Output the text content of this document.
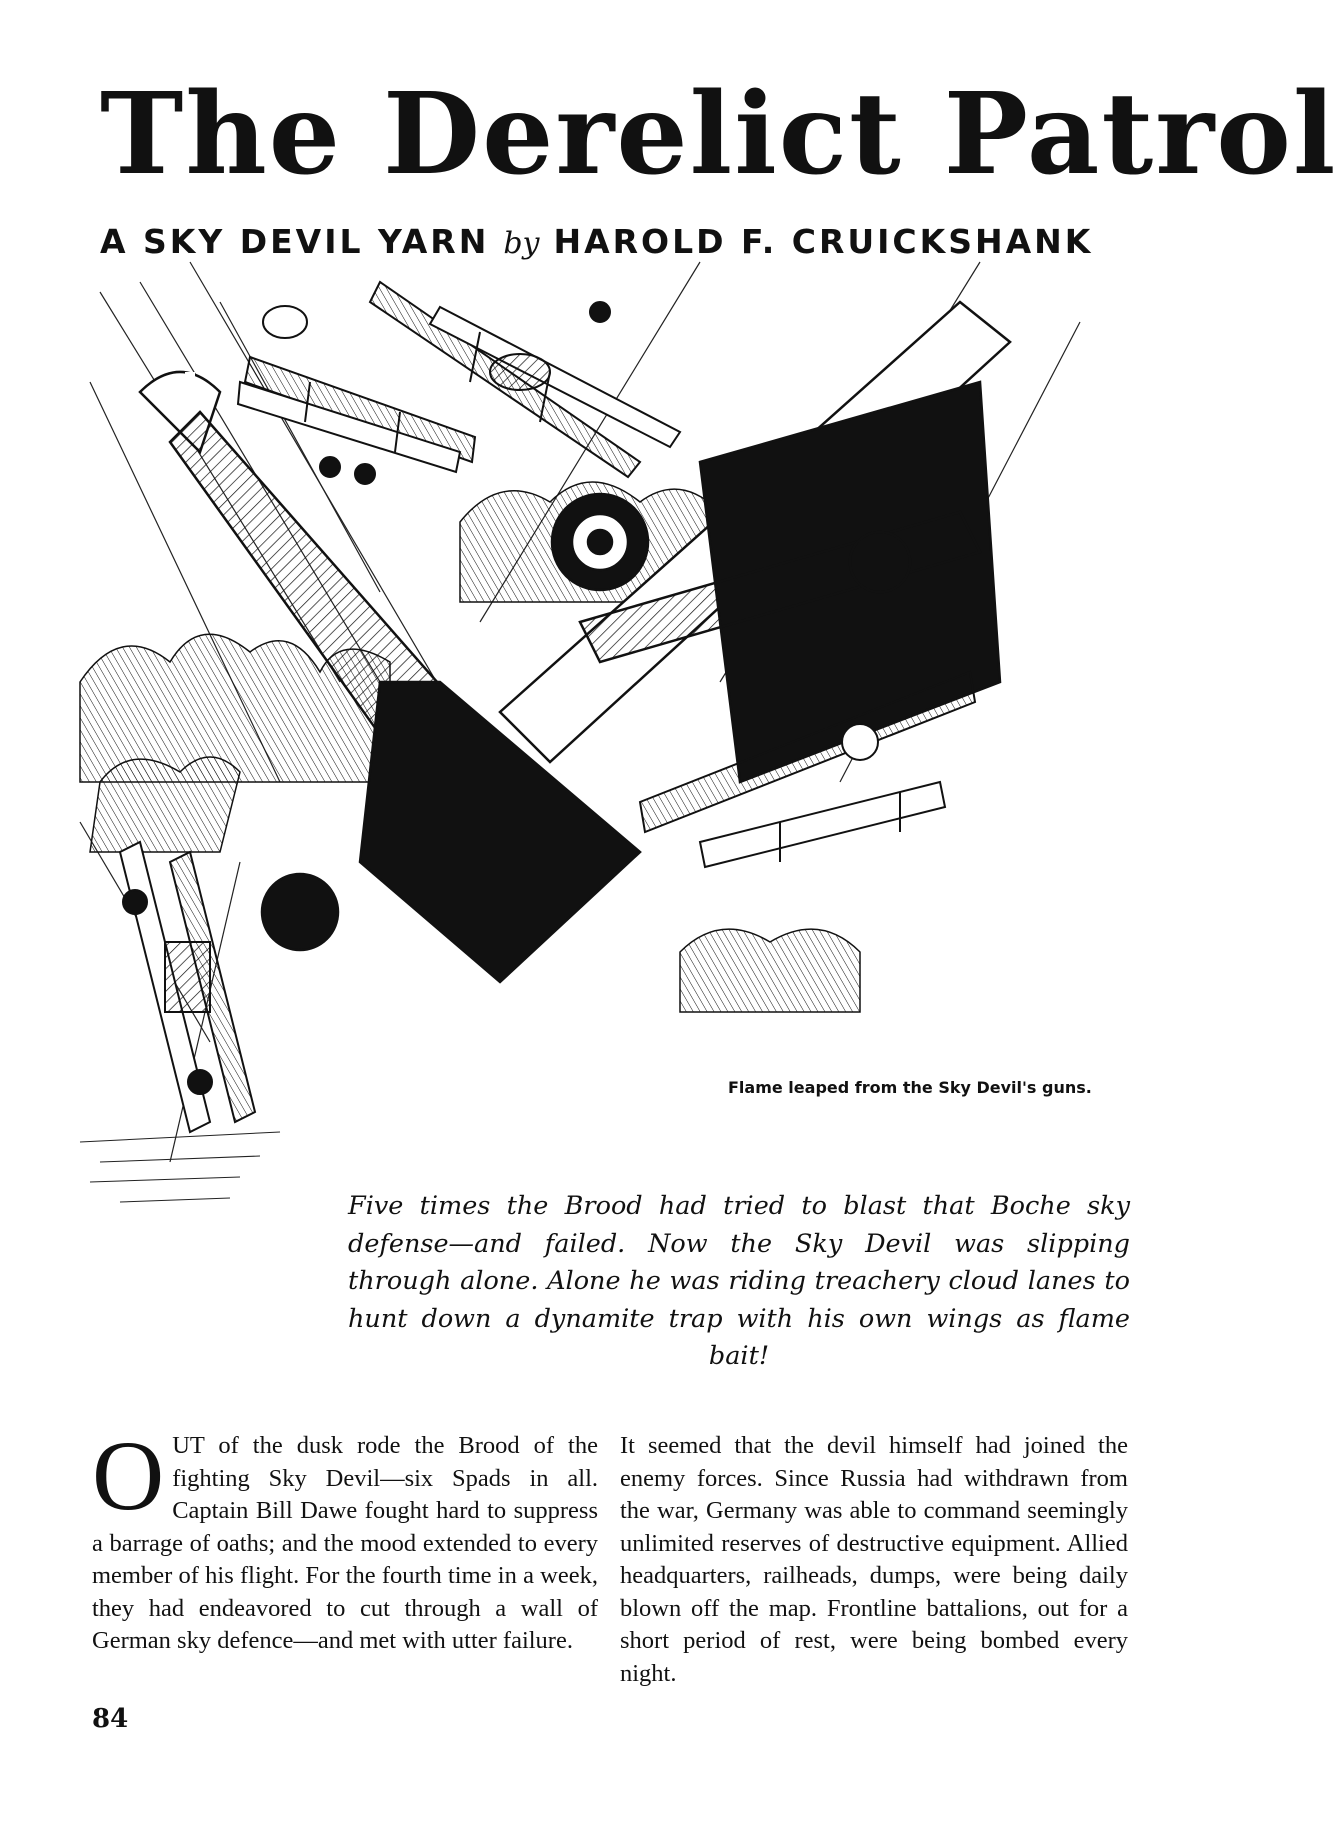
The Derelict Patrol
A SKY DEVIL YARN by HAROLD F. CRUICKSHANK
Flame leaped from the Sky Devil's guns.
Five times the Brood had tried to blast that Boche sky defense—and failed. Now the Sky Devil was slipping through alone. Alone he was riding treachery cloud lanes to hunt down a dynamite trap with his own wings as flame bait!
OUT of the dusk rode the Brood of the fighting Sky Devil—six Spads in all. Captain Bill Dawe fought hard to suppress a barrage of oaths; and the mood extended to every member of his flight. For the fourth time in a week, they had endeavored to cut through a wall of German sky defence—and met with utter failure.
It seemed that the devil himself had joined the enemy forces. Since Russia had withdrawn from the war, Germany was able to command seemingly unlimited reserves of destructive equipment. Allied headquarters, railheads, dumps, were being daily blown off the map. Frontline battalions, out for a short period of rest, were being bombed every night.
84
